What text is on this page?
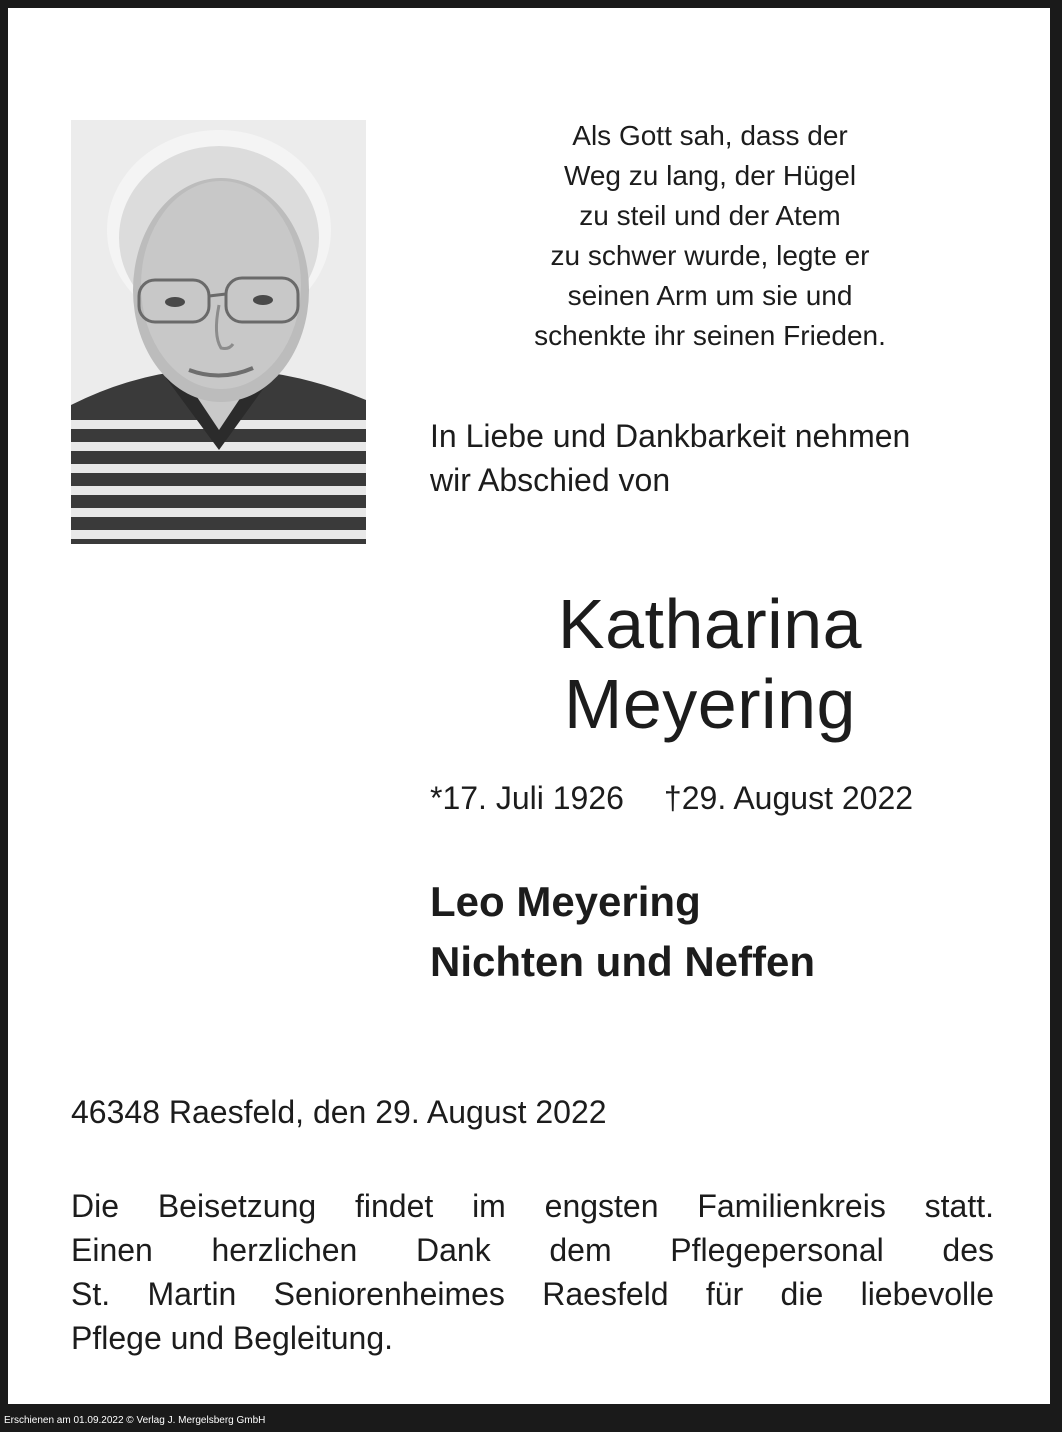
Als Gott sah, dass der
Weg zu lang, der Hügel
zu steil und der Atem
zu schwer wurde, legte er
seinen Arm um sie und
schenkte ihr seinen Frieden.
In Liebe und Dankbarkeit nehmen
wir Abschied von
Katharina
Meyering
*17. Juli 1926 †29. August 2022
Leo Meyering
Nichten und Neffen
46348 Raesfeld, den 29. August 2022
Die Beisetzung findet im engsten Familienkreis statt.
Einen herzlichen Dank dem Pflegepersonal des
St. Martin Seniorenheimes Raesfeld für die liebevolle
Pflege und Begleitung.
Erschienen am 01.09.2022 © Verlag J. Mergelsberg GmbH
